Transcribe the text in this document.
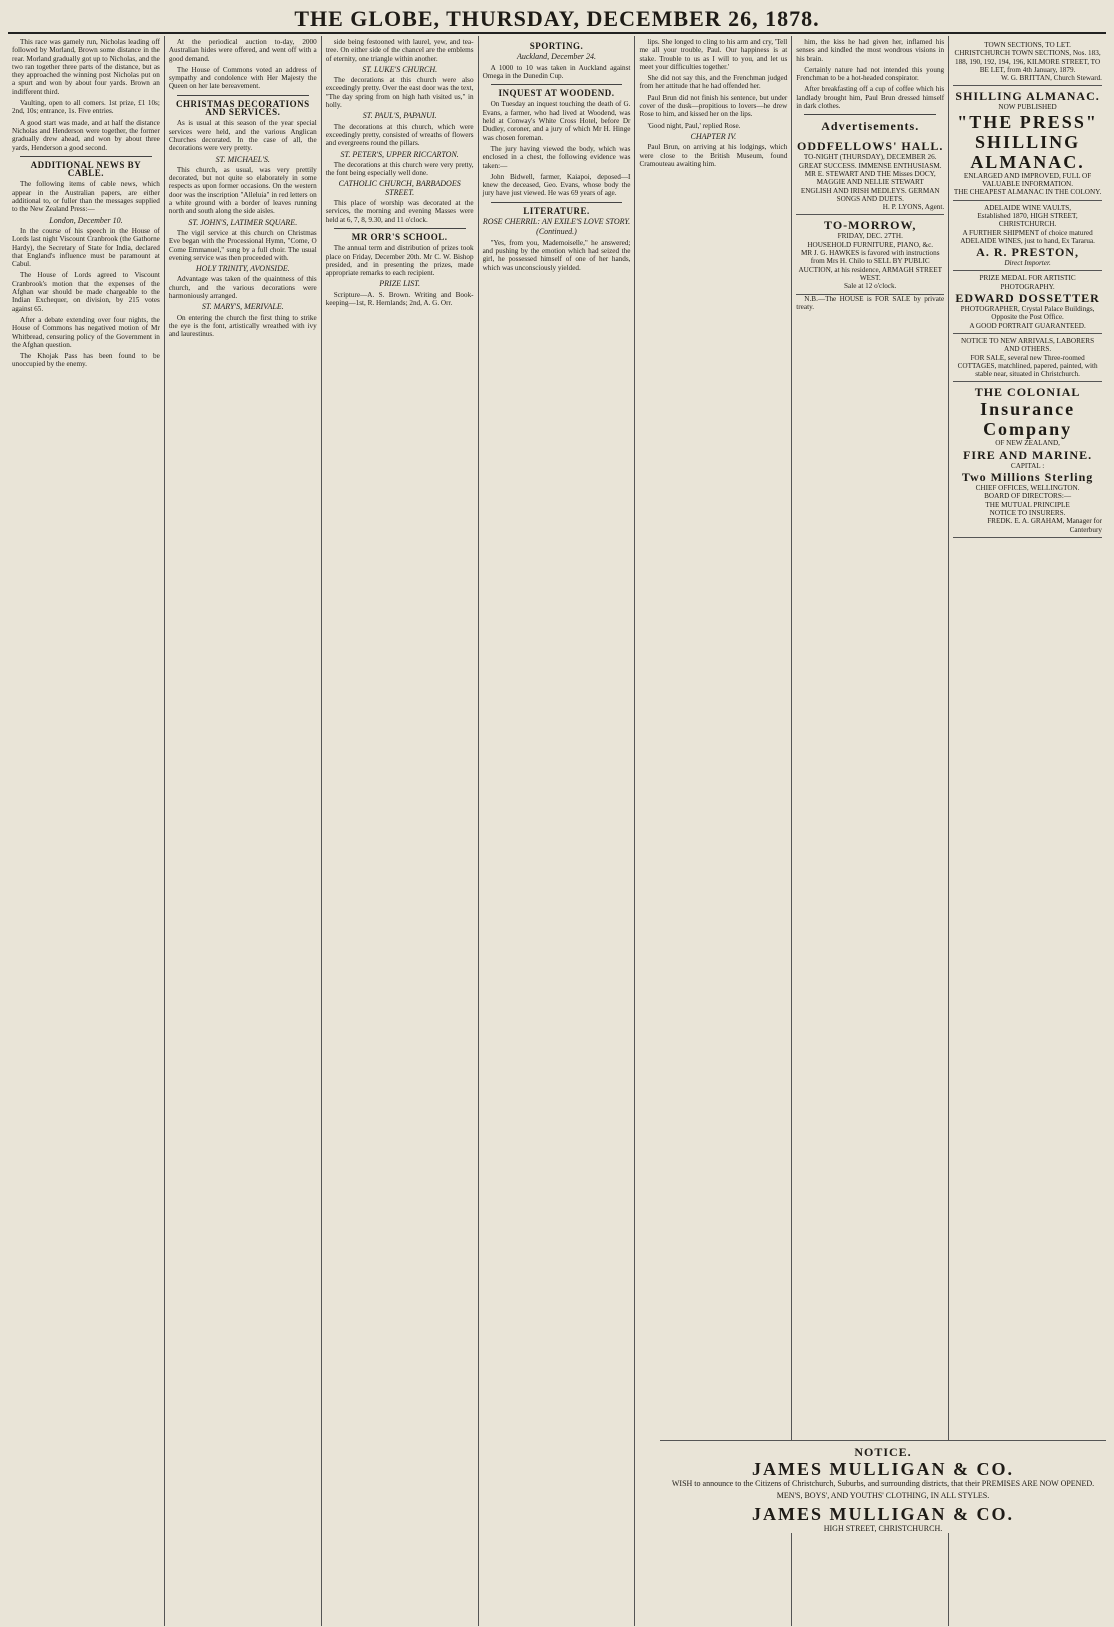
THE GLOBE, THURSDAY, DECEMBER 26, 1878.

This race was gamely run, Nicholas leading off followed by Morland, Brown some distance in the rear. Morland gradually got up to Nicholas, and the two ran together three parts of the distance, but as they approached the winning post Nicholas put on a spurt and won by about four yards. Brown an indifferent third.

Vaulting, open to all comers. 1st prize, £1 10s; 2nd, 10s; entrance, 1s. Five entries.

A good start was made, and at half the distance Nicholas and Henderson were together, the former gradually drew ahead, and won by about three yards, Henderson a good second.

ADDITIONAL NEWS BY CABLE.

The following items of cable news, which appear in the Australian papers, are either additional to, or fuller than the messages supplied to the New Zealand Press:—

London, December 10.

In the course of his speech in the House of Lords last night Viscount Cranbrook (the Gathorne Hardy), the Secretary of State for India, declared that England's influence must be paramount at Cabul.

The House of Lords agreed to Viscount Cranbrook's motion that the expenses of the Afghan war should be made chargeable to the Indian Exchequer, on division, by 215 votes against 65.

After a debate extending over four nights, the House of Commons has negatived motion of Mr Whitbread, censuring policy of the Government in the Afghan question.

The Khojak Pass has been found to be unoccupied by the enemy.

At the periodical auction to-day, 2000 Australian hides were offered, and went off with a good demand.

The House of Commons voted an address of sympathy and condolence with Her Majesty the Queen on her late bereavement.

CHRISTMAS DECORATIONS AND SERVICES.

As is usual at this season of the year special services were held, and the various Anglican Churches decorated. In the case of all, the decorations were very pretty.

ST. MICHAEL'S.

This church, as usual, was very prettily decorated, but not quite so elaborately in some respects as upon former occasions. On the western door was the inscription "Alleluia" in red letters on a white ground with a border of leaves running north and south along the side aisles.

ST. JOHN'S, LATIMER SQUARE.

The vigil service at this church on Christmas Eve began with the Processional Hymn, "Come, O Come Emmanuel," sung by a full choir. The usual evening service was then proceeded with.

HOLY TRINITY, AVONSIDE.

Advantage was taken of the quaintness of this church, and the various decorations were harmoniously arranged.

ST. MARY'S, MERIVALE.

On entering the church the first thing to strike the eye is the font, artistically wreathed with ivy and laurestinus.

side being festooned with laurel, yew, and tea-tree. On either side of the chancel are the emblems of eternity, one triangle within another.

ST. LUKE'S CHURCH.

The decorations at this church were also exceedingly pretty. Over the east door was the text, "The day spring from on high hath visited us," in holly.

ST. PAUL'S, PAPANUI.

The decorations at this church, which were exceedingly pretty, consisted of wreaths of flowers and evergreens round the pillars.

ST. PETER'S, UPPER RICCARTON.

The decorations at this church were very pretty, the font being especially well done.

CATHOLIC CHURCH, BARBADOES STREET.

This place of worship was decorated at the services, the morning and evening Masses were held at 6, 7, 8, 9.30, and 11 o'clock.

MR ORR'S SCHOOL.

The annual term and distribution of prizes took place on Friday, December 20th. Mr C. W. Bishop presided, and in presenting the prizes, made appropriate remarks to each recipient.

PRIZE LIST.

Scripture—A. S. Brown. Writing and Book-keeping—1st, R. Hernlands; 2nd, A. G. Orr.

SPORTING.
Auckland, December 24.

A 1000 to 10 was taken in Auckland against Omega in the Dunedin Cup.

INQUEST AT WOODEND.

On Tuesday an inquest touching the death of G. Evans, a farmer, who had lived at Woodend, was held at Conway's White Cross Hotel, before Dr Dudley, coroner, and a jury of which Mr H. Hinge was chosen foreman.

The jury having viewed the body, which was enclosed in a chest, the following evidence was taken:—

John Bidwell, farmer, Kaiapoi, deposed—I knew the deceased, Geo. Evans, whose body the jury have just viewed. He was 69 years of age.

LITERATURE.
ROSE CHERRIL: AN EXILE'S LOVE STORY.
(Continued.)

"Yes, from you, Mademoiselle," he answered; and pushing by the emotion which had seized the girl, he possessed himself of one of her hands, which was unconsciously yielded.

lips. She longed to cling to his arm and cry, 'Tell me all your trouble, Paul. Our happiness is at stake. Trouble to us as I will to you, and let us meet your difficulties together.'

She did not say this, and the Frenchman judged from her attitude that he had offended her.

Paul Brun did not finish his sentence, but under cover of the dusk—propitious to lovers—he drew Rose to him, and kissed her on the lips.

'Good night, Paul,' replied Rose.

CHAPTER IV.

Paul Brun, on arriving at his lodgings, which were close to the British Museum, found Cramouteau awaiting him.

him, the kiss he had given her, inflamed his senses and kindled the most wondrous visions in his brain.

Certainly nature had not intended this young Frenchman to be a hot-headed conspirator.

After breakfasting off a cup of coffee which his landlady brought him, Paul Brun dressed himself in dark clothes.

Advertisements.
ODDFELLOWS' HALL.
TO-NIGHT (THURSDAY), DECEMBER 26.
GREAT SUCCESS. IMMENSE ENTHUSIASM.
MR E. STEWART AND THE Misses DOCY, MAGGIE AND NELLIE STEWART
ENGLISH AND IRISH MEDLEYS. GERMAN SONGS AND DUETS.
H. P. LYONS, Agent.
TO-MORROW,
FRIDAY, DEC. 27TH.
HOUSEHOLD FURNITURE, PIANO, &c.
MR J. G. HAWKES is favored with instructions from Mrs H. Chilo to SELL BY PUBLIC AUCTION, at his residence, ARMAGH STREET WEST.
Sale at 12 o'clock.

N.B.—The HOUSE is FOR SALE by private treaty.

TOWN SECTIONS, TO LET.
CHRISTCHURCH TOWN SECTIONS, Nos. 183, 188, 190, 192, 194, 196, KILMORE STREET, TO BE LET, from 4th January, 1879.
W. G. BRITTAN, Church Steward.
SHILLING ALMANAC.
NOW PUBLISHED
"THE PRESS"
SHILLING
ALMANAC.
ENLARGED AND IMPROVED, FULL OF VALUABLE INFORMATION.
THE CHEAPEST ALMANAC IN THE COLONY.
ADELAIDE WINE VAULTS,
Established 1870, HIGH STREET, CHRISTCHURCH.
A FURTHER SHIPMENT of choice matured ADELAIDE WINES, just to hand, Ex Tararua.
A. R. PRESTON,
Direct Importer.
PRIZE MEDAL FOR ARTISTIC PHOTOGRAPHY.
EDWARD DOSSETTER
PHOTOGRAPHER, Crystal Palace Buildings, Opposite the Post Office.
A GOOD PORTRAIT GUARANTEED.
NOTICE TO NEW ARRIVALS, LABORERS AND OTHERS.
FOR SALE, several new Three-roomed COTTAGES, matchlined, papered, painted, with stable near, situated in Christchurch.
THE COLONIAL
Insurance Company
OF NEW ZEALAND,
FIRE AND MARINE.
CAPITAL :
Two Millions Sterling
CHIEF OFFICES, WELLINGTON.
BOARD OF DIRECTORS:—
THE MUTUAL PRINCIPLE
NOTICE TO INSURERS.
FREDK. E. A. GRAHAM, Manager for Canterbury
NOTICE.
JAMES MULLIGAN & CO.
WISH to announce to the Citizens of Christchurch, Suburbs, and surrounding districts, that their PREMISES ARE NOW OPENED.
MEN'S, BOYS', AND YOUTHS' CLOTHING, IN ALL STYLES.
JAMES MULLIGAN & CO.
HIGH STREET, CHRISTCHURCH.
